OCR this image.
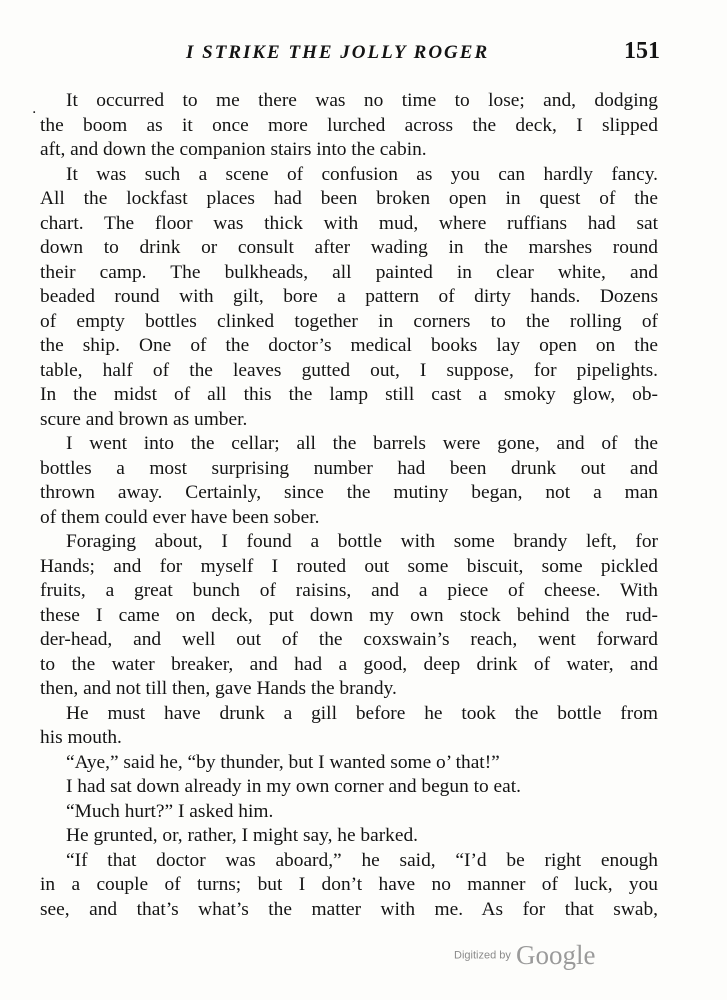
I STRIKE THE JOLLY ROGER	151
·
It occurred to me there was no time to lose; and, dodging
the boom as it once more lurched across the deck, I slipped
aft, and down the companion stairs into the cabin.
It was such a scene of confusion as you can hardly fancy.
All the lockfast places had been broken open in quest of the
chart. The floor was thick with mud, where ruffians had sat
down to drink or consult after wading in the marshes round
their camp. The bulkheads, all painted in clear white, and
beaded round with gilt, bore a pattern of dirty hands. Dozens
of empty bottles clinked together in corners to the rolling of
the ship. One of the doctor’s medical books lay open on the
table, half of the leaves gutted out, I suppose, for pipelights.
In the midst of all this the lamp still cast a smoky glow, ob-
scure and brown as umber.
I went into the cellar; all the barrels were gone, and of the
bottles a most surprising number had been drunk out and
thrown away. Certainly, since the mutiny began, not a man
of them could ever have been sober.
Foraging about, I found a bottle with some brandy left, for
Hands; and for myself I routed out some biscuit, some pickled
fruits, a great bunch of raisins, and a piece of cheese. With
these I came on deck, put down my own stock behind the rud-
der-head, and well out of the coxswain’s reach, went forward
to the water breaker, and had a good, deep drink of water, and
then, and not till then, gave Hands the brandy.
He must have drunk a gill before he took the bottle from
his mouth.
“Aye,” said he, “by thunder, but I wanted some o’ that!”
I had sat down already in my own corner and begun to eat.
“Much hurt?” I asked him.
He grunted, or, rather, I might say, he barked.
“If that doctor was aboard,” he said, “I’d be right enough
in a couple of turns; but I don’t have no manner of luck, you
see, and that’s what’s the matter with me. As for that swab,
Digitized by Google
